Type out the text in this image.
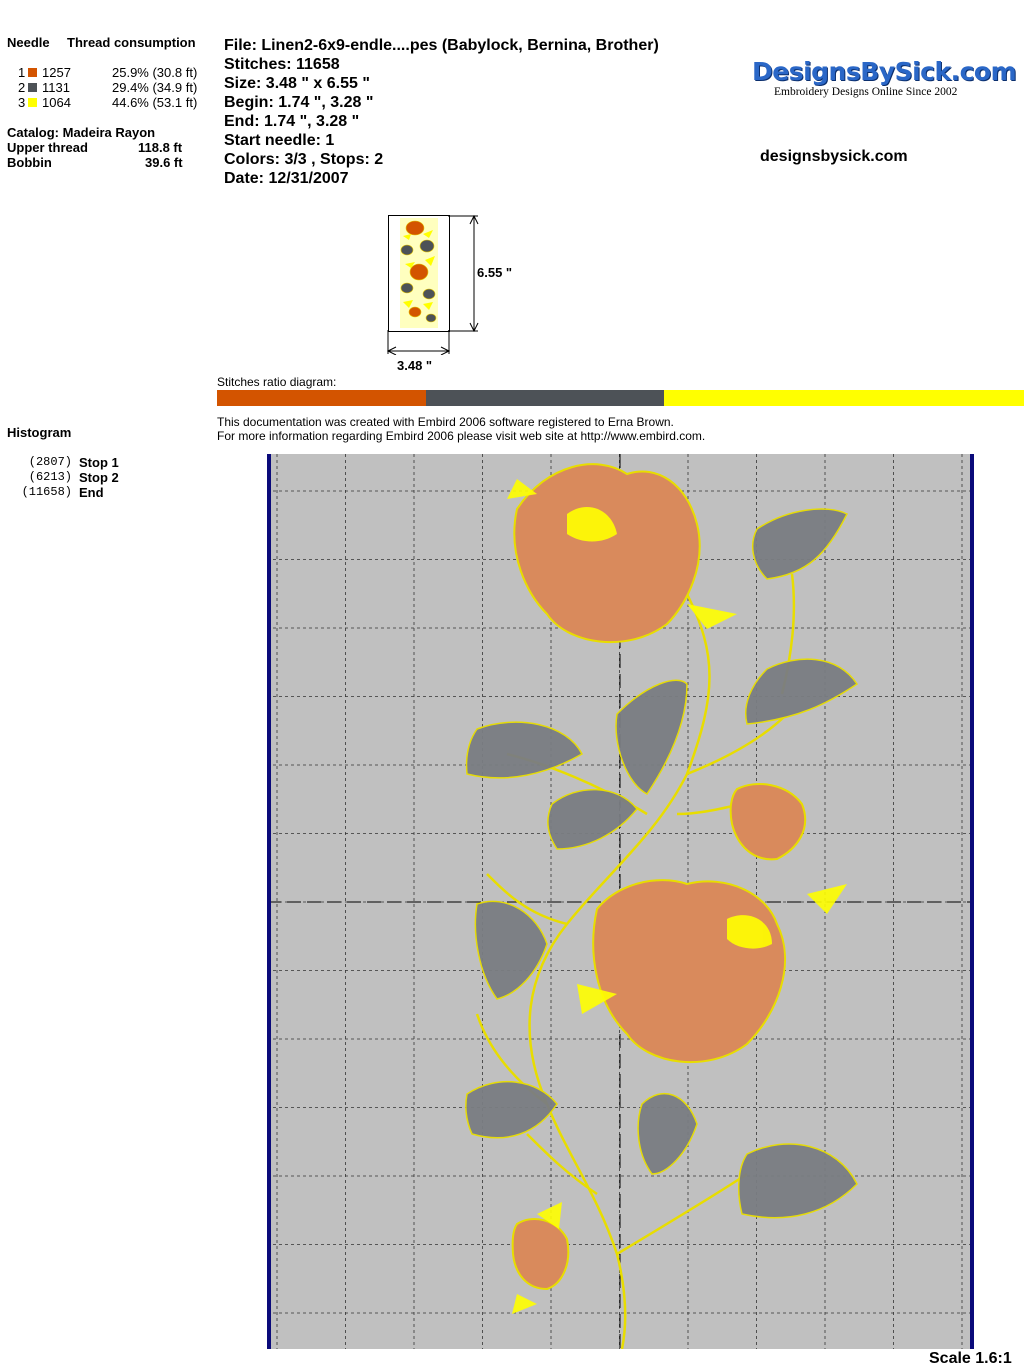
Needle Thread consumption
1 1257	25.9% (30.8 ft)
2 1131	29.4% (34.9 ft)
3 1064	44.6% (53.1 ft)
Catalog: Madeira Rayon
Upper thread	118.8 ft
Bobbin	39.6 ft
Histogram
(2807) Stop 1
(6213) Stop 2
(11658) End
File: Linen2-6x9-endle....pes (Babylock, Bernina, Brother)
Stitches: 11658
Size: 3.48 " x 6.55 "
Begin: 1.74 ", 3.28 "
End: 1.74 ", 3.28 "
Start needle: 1
Colors: 3/3 , Stops: 2
Date: 12/31/2007
DesignsBySick.com
Embroidery Designs Online Since 2002
designsbysick.com
6.55 "
3.48 "
Stitches ratio diagram:
This documentation was created with Embird 2006 software registered to Erna Brown.
For more information regarding Embird 2006 please visit web site at http://www.embird.com.
Scale 1.6:1
